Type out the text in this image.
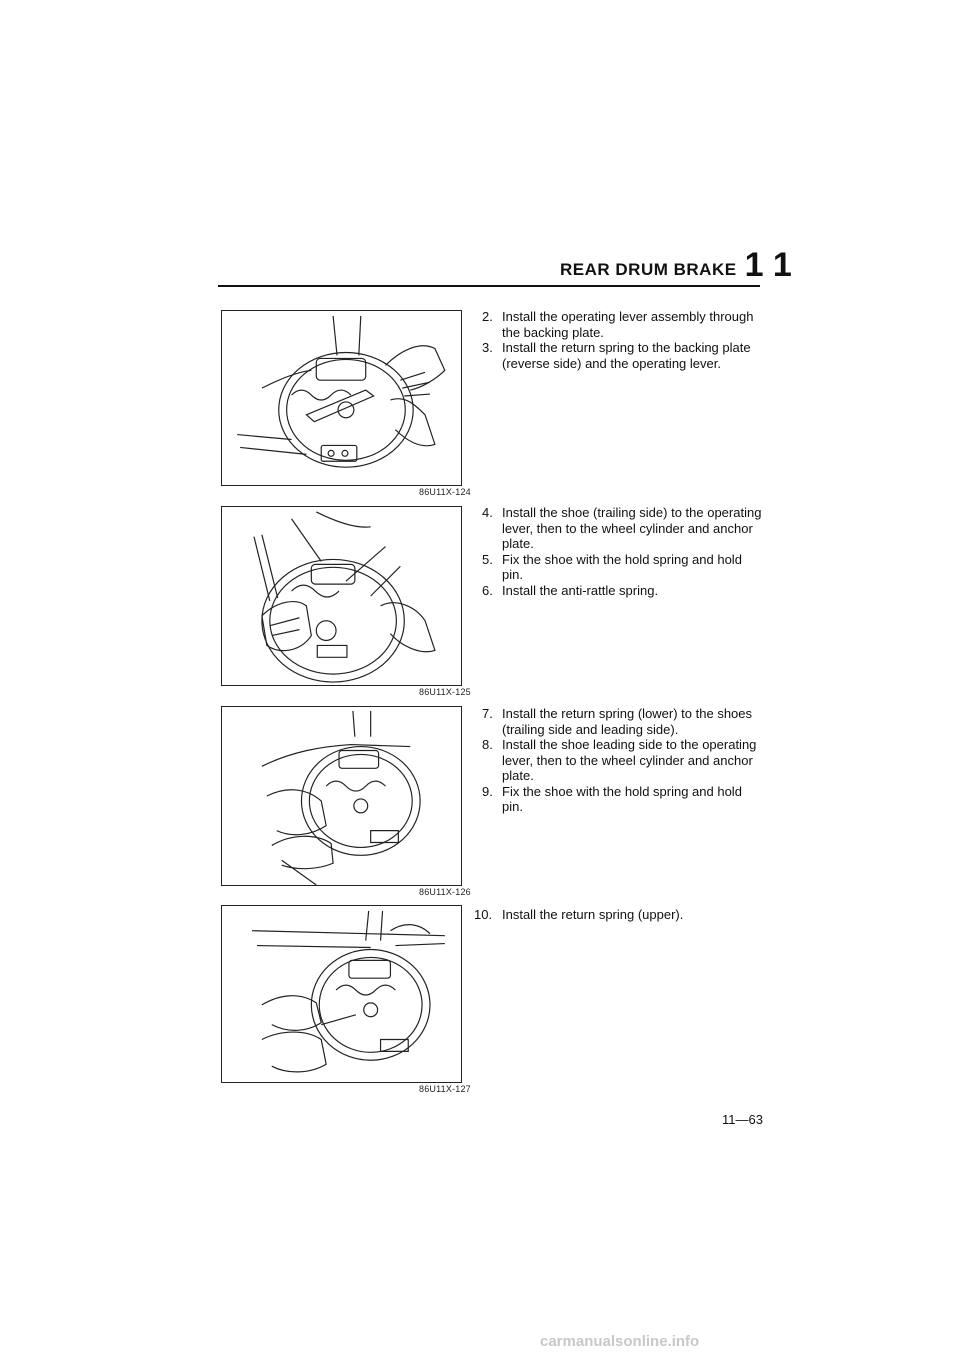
REAR DRUM BRAKE 1 1
86U11X-124
86U11X-125
86U11X-126
86U11X-127
2. Install the operating lever assembly through the backing plate.
3. Install the return spring to the backing plate (reverse side) and the operating lever.
4. Install the shoe (trailing side) to the operating lever, then to the wheel cylinder and anchor plate.
5. Fix the shoe with the hold spring and hold pin.
6. Install the anti-rattle spring.
7. Install the return spring (lower) to the shoes (trailing side and leading side).
8. Install the shoe leading side to the operating lever, then to the wheel cylinder and anchor plate.
9. Fix the shoe with the hold spring and hold pin.
10. Install the return spring (upper).
11—63
carmanualsonline.info
